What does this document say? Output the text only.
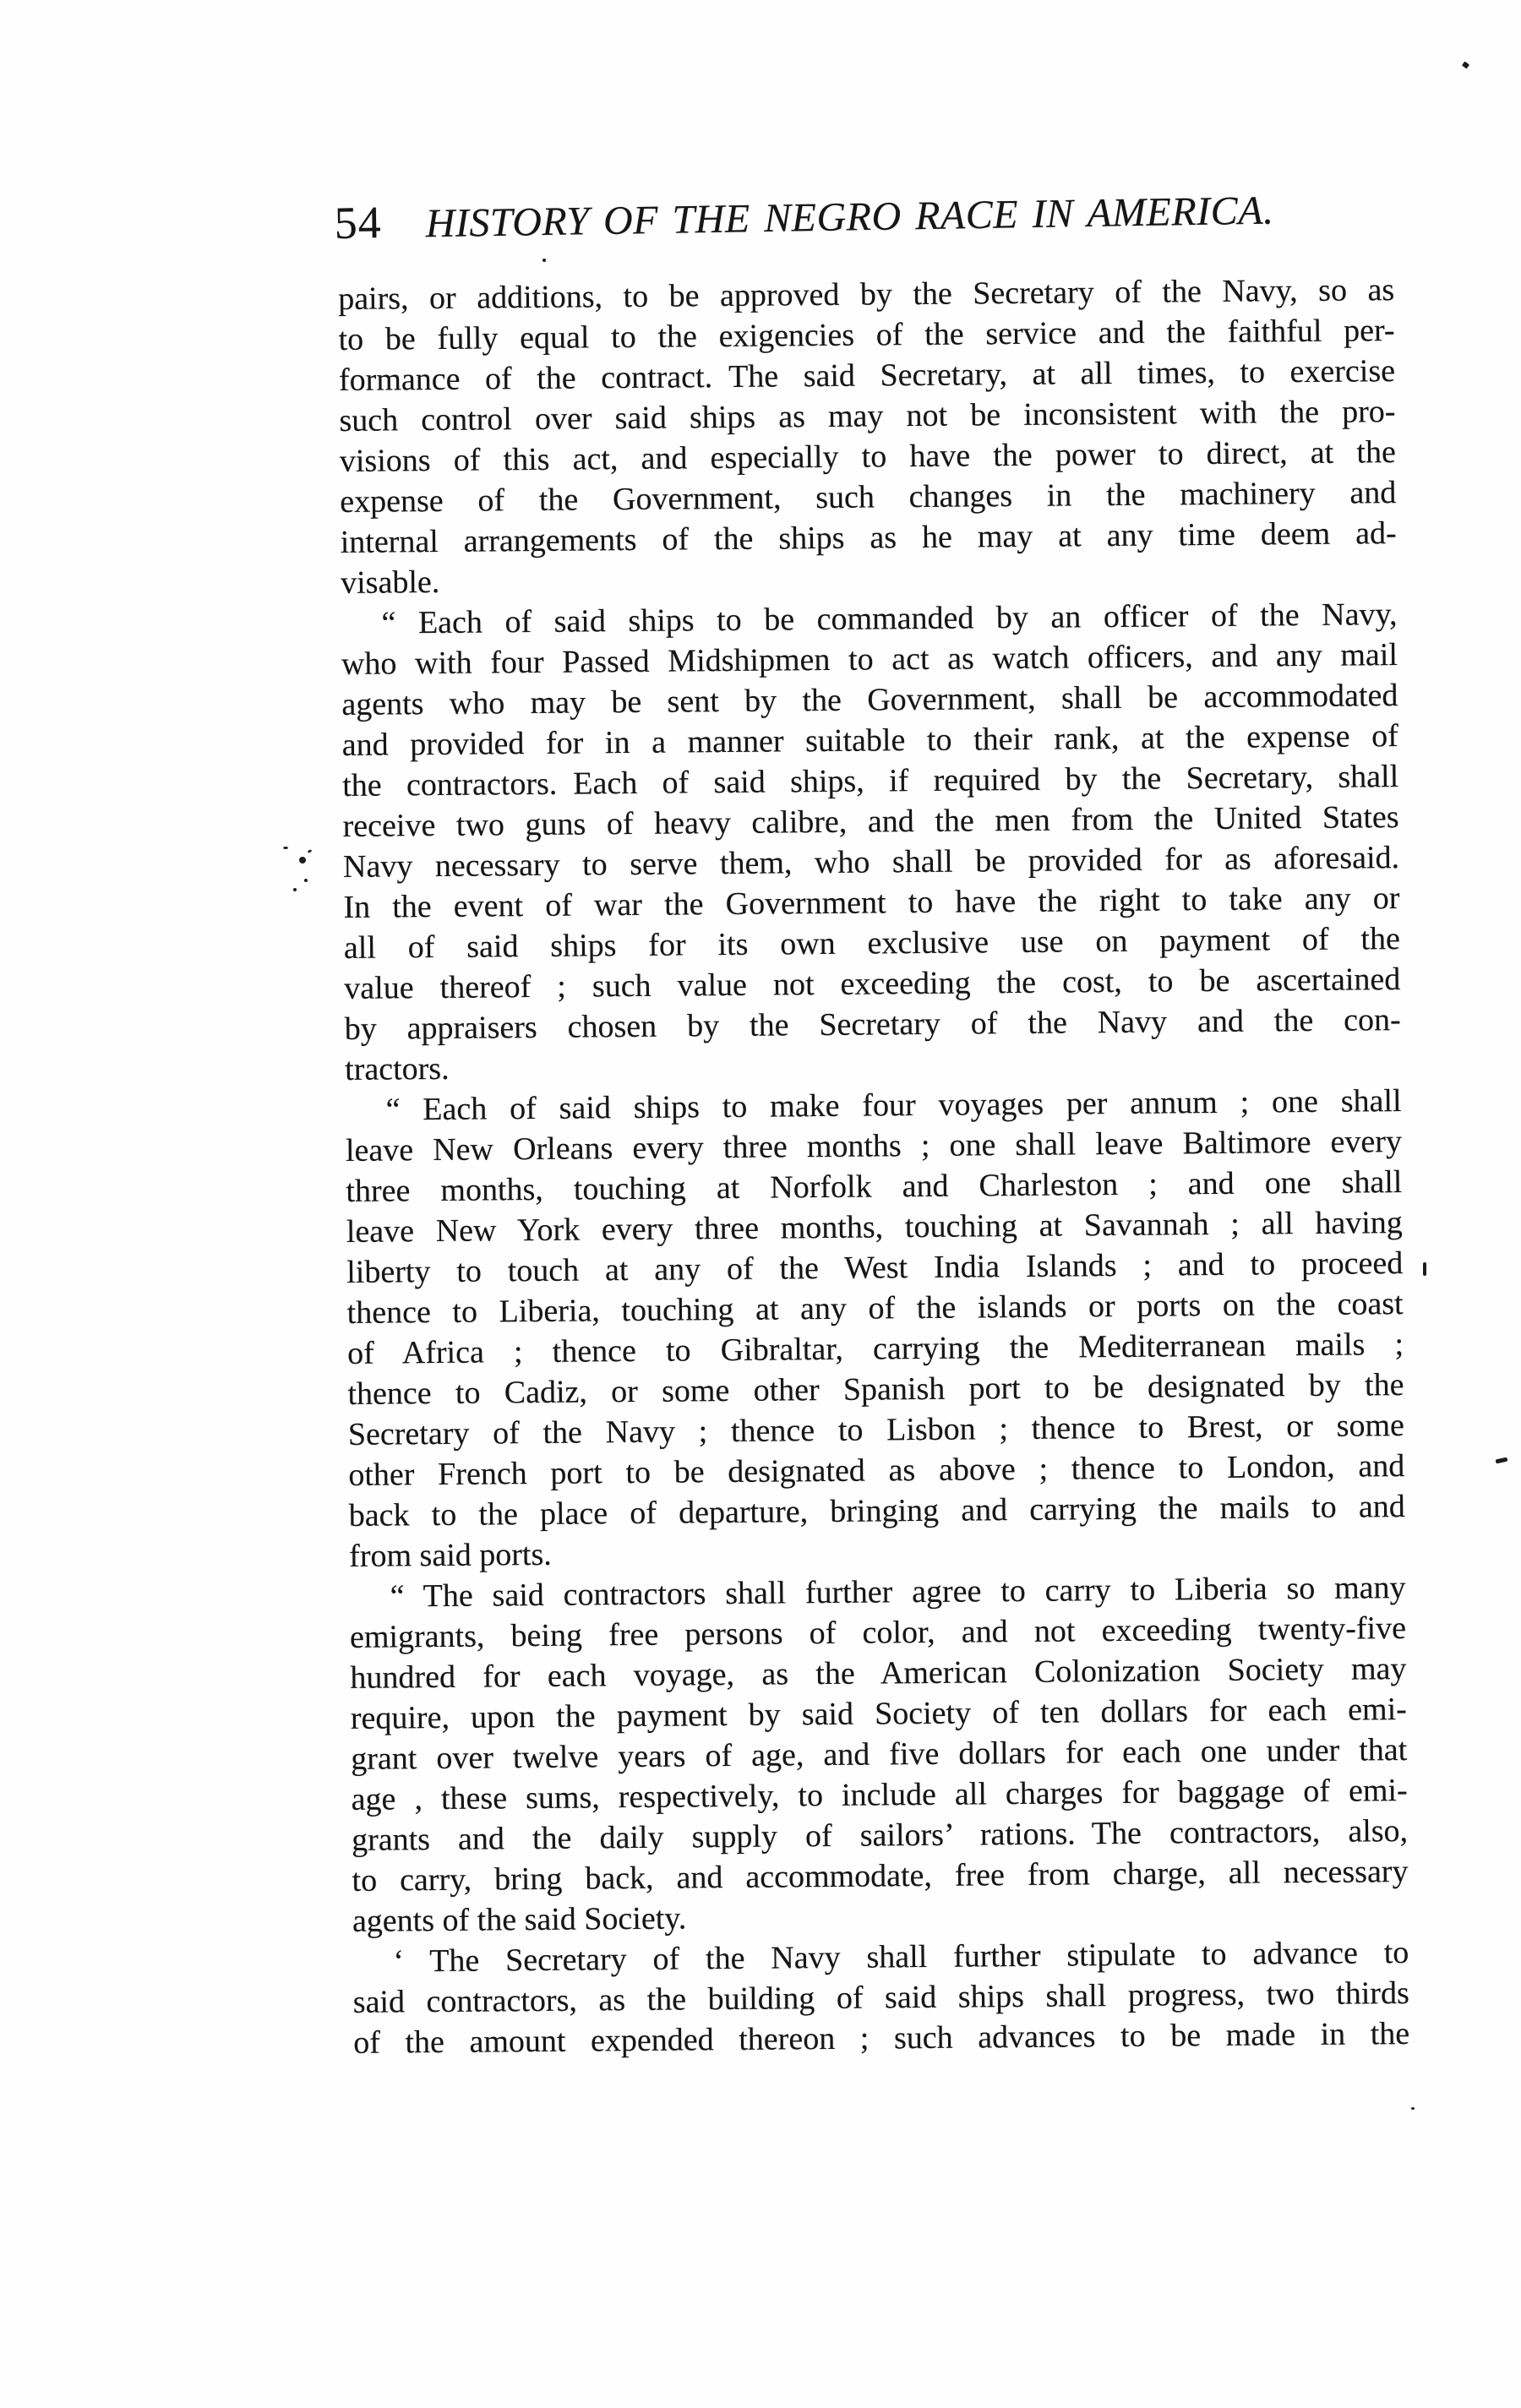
54 HISTORY OF THE NEGRO RACE IN AMERICA.
pairs, or additions, to be approved by the Secretary of the Navy, so as
to be fully equal to the exigencies of the service and the faithful per-
formance of the contract. The said Secretary, at all times, to exercise
such control over said ships as may not be inconsistent with the pro-
visions of this act, and especially to have the power to direct, at the
expense of the Government, such changes in the machinery and
internal arrangements of the ships as he may at any time deem ad-
visable.
“ Each of said ships to be commanded by an officer of the Navy,
who with four Passed Midshipmen to act as watch officers, and any mail
agents who may be sent by the Government, shall be accommodated
and provided for in a manner suitable to their rank, at the expense of
the contractors. Each of said ships, if required by the Secretary, shall
receive two guns of heavy calibre, and the men from the United States
Navy necessary to serve them, who shall be provided for as aforesaid.
In the event of war the Government to have the right to take any or
all of said ships for its own exclusive use on payment of the
value thereof ; such value not exceeding the cost, to be ascertained
by appraisers chosen by the Secretary of the Navy and the con-
tractors.
“ Each of said ships to make four voyages per annum ; one shall
leave New Orleans every three months ; one shall leave Baltimore every
three months, touching at Norfolk and Charleston ; and one shall
leave New York every three months, touching at Savannah ; all having
liberty to touch at any of the West India Islands ; and to proceed
thence to Liberia, touching at any of the islands or ports on the coast
of Africa ; thence to Gibraltar, carrying the Mediterranean mails ;
thence to Cadiz, or some other Spanish port to be designated by the
Secretary of the Navy ; thence to Lisbon ; thence to Brest, or some
other French port to be designated as above ; thence to London, and
back to the place of departure, bringing and carrying the mails to and
from said ports.
“ The said contractors shall further agree to carry to Liberia so many
emigrants, being free persons of color, and not exceeding twenty-five
hundred for each voyage, as the American Colonization Society may
require, upon the payment by said Society of ten dollars for each emi-
grant over twelve years of age, and five dollars for each one under that
age , these sums, respectively, to include all charges for baggage of emi-
grants and the daily supply of sailors’ rations. The contractors, also,
to carry, bring back, and accommodate, free from charge, all necessary
agents of the said Society.
‘ The Secretary of the Navy shall further stipulate to advance to
said contractors, as the building of said ships shall progress, two thirds
of the amount expended thereon ; such advances to be made in the
